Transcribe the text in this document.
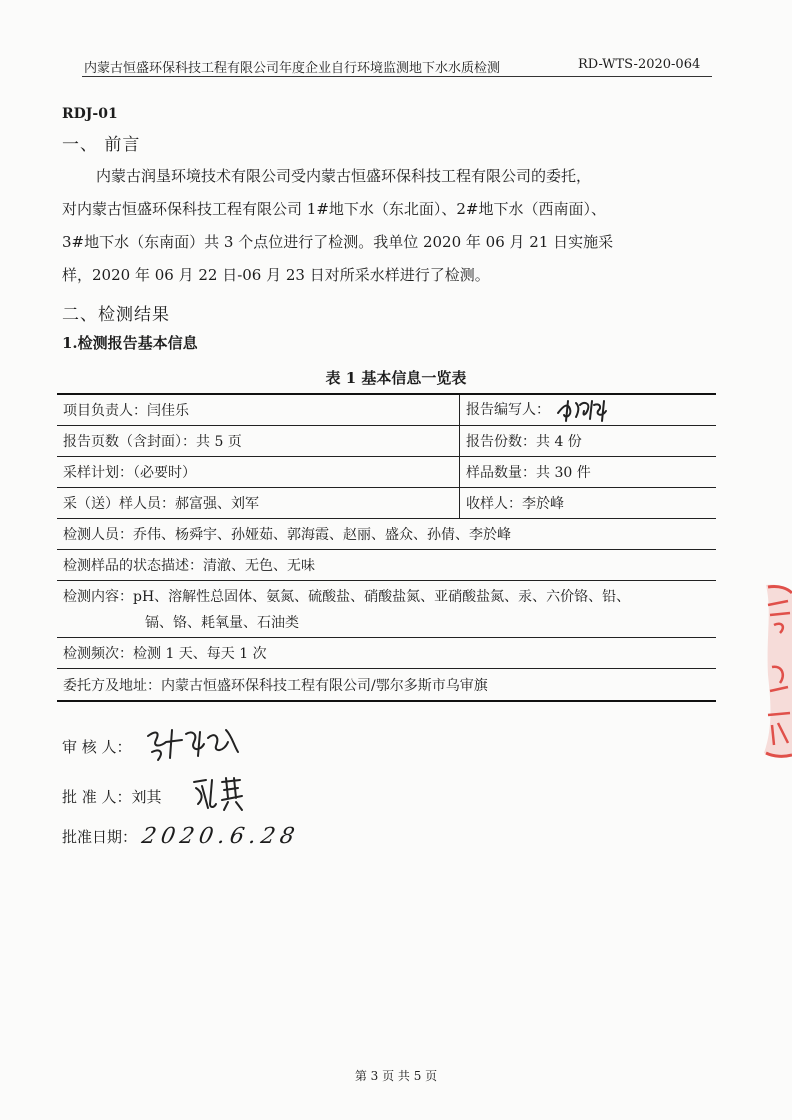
内蒙古恒盛环保科技工程有限公司年度企业自行环境监测地下水水质检测	RD-WTS-2020-064
RDJ-01
一、 前言

内蒙古润垦环境技术有限公司受内蒙古恒盛环保科技工程有限公司的委托，

对内蒙古恒盛环保科技工程有限公司 1#地下水（东北面）、2#地下水（西南面）、

3#地下水（东南面）共 3 个点位进行了检测。我单位 2020 年 06 月 21 日实施采

样，2020 年 06 月 22 日-06 月 23 日对所采水样进行了检测。

二、检测结果
1.检测报告基本信息
表 1 基本信息一览表
项目负责人：闫佳乐	报告编写人：
报告页数（含封面）：共 5 页	报告份数：共 4 份
采样计划：（必要时）	样品数量：共 30 件
采（送）样人员：郝富强、刘军	收样人：李於峰
检测人员：乔伟、杨舜宇、孙娅茹、郭海霞、赵丽、盛众、孙倩、李於峰	
检测样品的状态描述：清澈、无色、无味	

检测内容：pH、溶解性总固体、氨氮、硫酸盐、硝酸盐氮、亚硝酸盐氮、汞、六价铬、铅、
镉、铬、耗氧量、石油类	

检测频次：检测 1 天、每天 1 次	
委托方及地址：内蒙古恒盛环保科技工程有限公司/鄂尔多斯市乌审旗	
审 核 人：
批 准 人：刘其
批准日期： 2020.6.28
第 3 页 共 5 页
